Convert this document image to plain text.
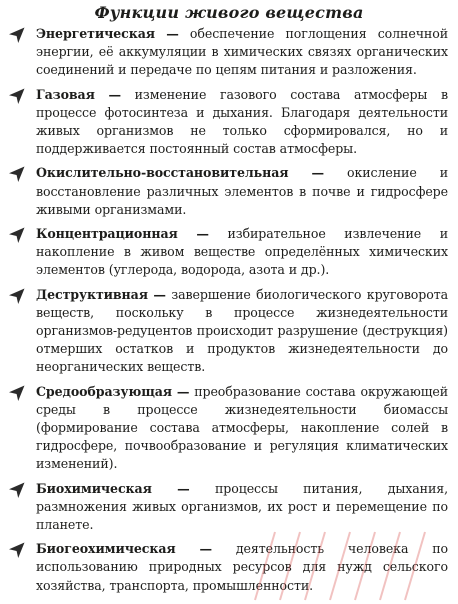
Функции живого вещества
Энергетическая — обеспечение поглощения солнечной энергии, её аккумуляции в химических связях органических соединений и передаче по цепям питания и разложения.
Газовая — изменение газового состава атмосферы в процессе фотосинтеза и дыхания. Благодаря деятельности живых организмов не только сформировался, но и поддерживается постоянный состав атмосферы.
Окислительно-восстановительная — окисление и восстановление различных элементов в почве и гидросфере живыми организмами.
Концентрационная — избирательное извлечение и накопление в живом веществе определённых химических элементов (углерода, водорода, азота и др.).
Деструктивная — завершение биологического круговорота веществ, поскольку в процессе жизнедеятельности организмов-редуцентов происходит разрушение (деструкция) отмерших остатков и продуктов жизнедеятельности до неорганических веществ.
Средообразующая — преобразование состава окружающей среды в процессе жизнедеятельности биомассы (формирование состава атмосферы, накопление солей в гидросфере, почвообразование и регуляция климатических изменений).
Биохимическая — процессы питания, дыхания, размножения живых организмов, их рост и перемещение по планете.
Биогеохимическая — деятельность человека по использованию природных ресурсов для нужд сельского хозяйства, транспорта, промышленности.
